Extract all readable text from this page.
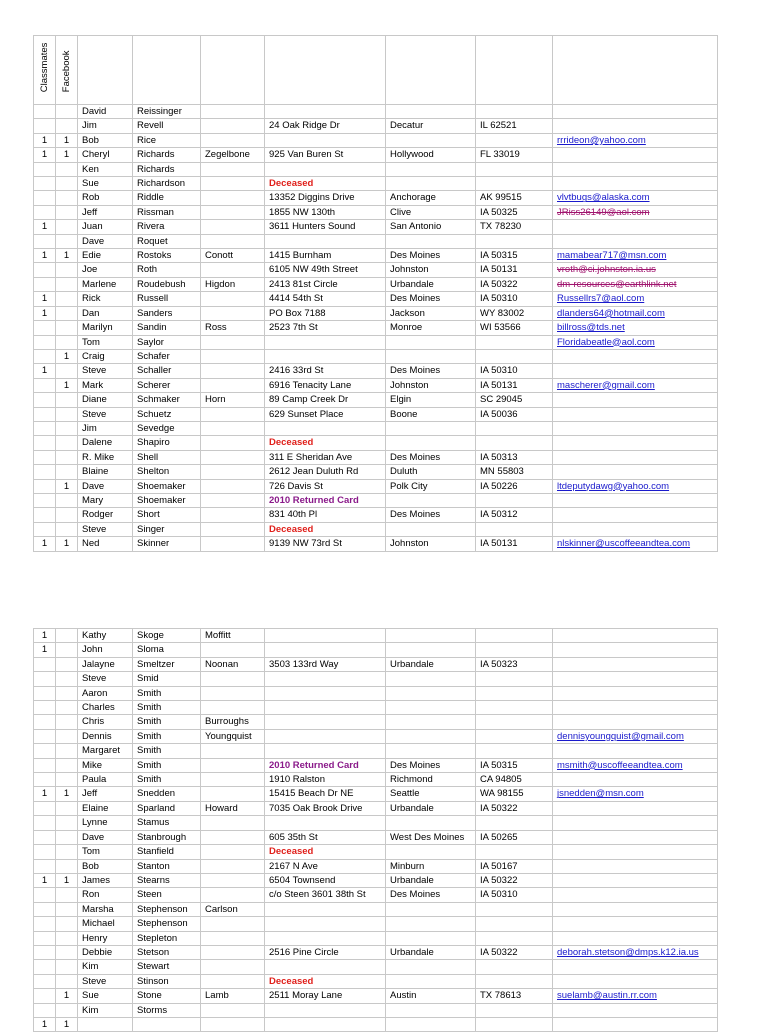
Classmates	Facebook							

		David	Reissinger					
		Jim	Revell		24 Oak Ridge Dr	Decatur	IL 62521	
1	1	Bob	Rice					rrrideon@yahoo.com
1	1	Cheryl	Richards	Zegelbone	925 Van Buren St	Hollywood	FL 33019	
		Ken	Richards					
		Sue	Richardson		Deceased			
		Rob	Riddle		13352 Diggins Drive	Anchorage	AK 99515	vlvtbugs@alaska.com
		Jeff	Rissman		1855 NW 130th	Clive	IA 50325	JRiss26149@aol.com
1		Juan	Rivera		3611 Hunters Sound	San Antonio	TX 78230	
		Dave	Roquet					
1	1	Edie	Rostoks	Conott	1415 Burnham	Des Moines	IA 50315	mamabear717@msn.com
		Joe	Roth		6105 NW 49th Street	Johnston	IA 50131	vroth@ci.johnston.ia.us
		Marlene	Roudebush	Higdon	2413 81st Circle	Urbandale	IA 50322	dm-resources@earthlink.net
1		Rick	Russell		4414 54th St	Des Moines	IA 50310	Russellrs7@aol.com
1		Dan	Sanders		PO Box 7188	Jackson	WY 83002	dlanders64@hotmail.com
		Marilyn	Sandin	Ross	2523 7th St	Monroe	WI 53566	billross@tds.net
		Tom	Saylor					Floridabeatle@aol.com
	1	Craig	Schafer					
1		Steve	Schaller		2416 33rd St	Des Moines	IA 50310	
	1	Mark	Scherer		6916 Tenacity Lane	Johnston	IA 50131	mascherer@gmail.com
		Diane	Schmaker	Horn	89 Camp Creek Dr	Elgin	SC 29045	
		Steve	Schuetz		629 Sunset Place	Boone	IA 50036	
		Jim	Sevedge					
		Dalene	Shapiro		Deceased			
		R. Mike	Shell		311 E Sheridan Ave	Des Moines	IA 50313	
		Blaine	Shelton		2612 Jean Duluth Rd	Duluth	MN 55803	
	1	Dave	Shoemaker		726 Davis St	Polk City	IA 50226	ltdeputydawg@yahoo.com
		Mary	Shoemaker		2010 Returned Card			
		Rodger	Short		831 40th Pl	Des Moines	IA 50312	
		Steve	Singer		Deceased			
1	1	Ned	Skinner		9139 NW 73rd St	Johnston	IA 50131	nlskinner@uscoffeeandtea.com
1		Kathy	Skoge	Moffitt				
1		John	Sloma					
		Jalayne	Smeltzer	Noonan	3503 133rd Way	Urbandale	IA 50323	
		Steve	Smid					
		Aaron	Smith					
		Charles	Smith					
		Chris	Smith	Burroughs				
		Dennis	Smith	Youngquist				dennisyoungquist@gmail.com
		Margaret	Smith					
		Mike	Smith		2010 Returned Card	Des Moines	IA 50315	msmith@uscoffeeandtea.com
		Paula	Smith		1910 Ralston	Richmond	CA 94805	
1	1	Jeff	Snedden		15415 Beach Dr NE	Seattle	WA 98155	jsnedden@msn.com
		Elaine	Sparland	Howard	7035 Oak Brook Drive	Urbandale	IA 50322	
		Lynne	Stamus					
		Dave	Stanbrough		605 35th St	West Des Moines	IA 50265	
		Tom	Stanfield		Deceased			
		Bob	Stanton		2167 N Ave	Minburn	IA 50167	
1	1	James	Stearns		6504 Townsend	Urbandale	IA 50322	
		Ron	Steen		c/o Steen 3601 38th St	Des Moines	IA 50310	
		Marsha	Stephenson	Carlson				
		Michael	Stephenson					
		Henry	Stepleton					
		Debbie	Stetson		2516 Pine Circle	Urbandale	IA 50322	deborah.stetson@dmps.k12.ia.us
		Kim	Stewart					
		Steve	Stinson		Deceased			
	1	Sue	Stone	Lamb	2511 Moray Lane	Austin	TX 78613	suelamb@austin.rr.com
		Kim	Storms					
1	1							
